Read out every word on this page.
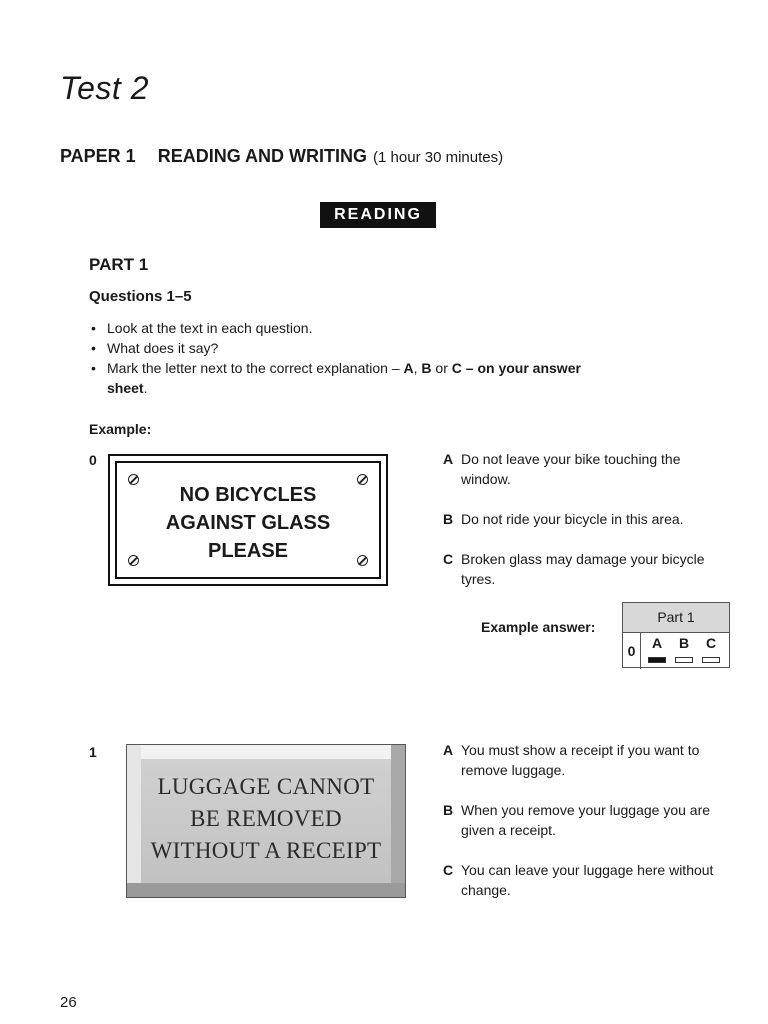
Test 2
PAPER 1 READING AND WRITING (1 hour 30 minutes)
READING
PART 1
Questions 1–5
• Look at the text in each question.
• What does it say?
• Mark the letter next to the correct explanation – A, B or C – on your answer sheet.
Example:
0
NO BICYCLES
AGAINST GLASS
PLEASE
A Do not leave your bike touching the window.
B Do not ride your bicycle in this area.
C Broken glass may damage your bicycle tyres.
Example answer:
Part 1
0	A	B	C
1
LUGGAGE CANNOT
BE REMOVED
WITHOUT A RECEIPT
A You must show a receipt if you want to remove luggage.
B When you remove your luggage you are given a receipt.
C You can leave your luggage here without change.
26
